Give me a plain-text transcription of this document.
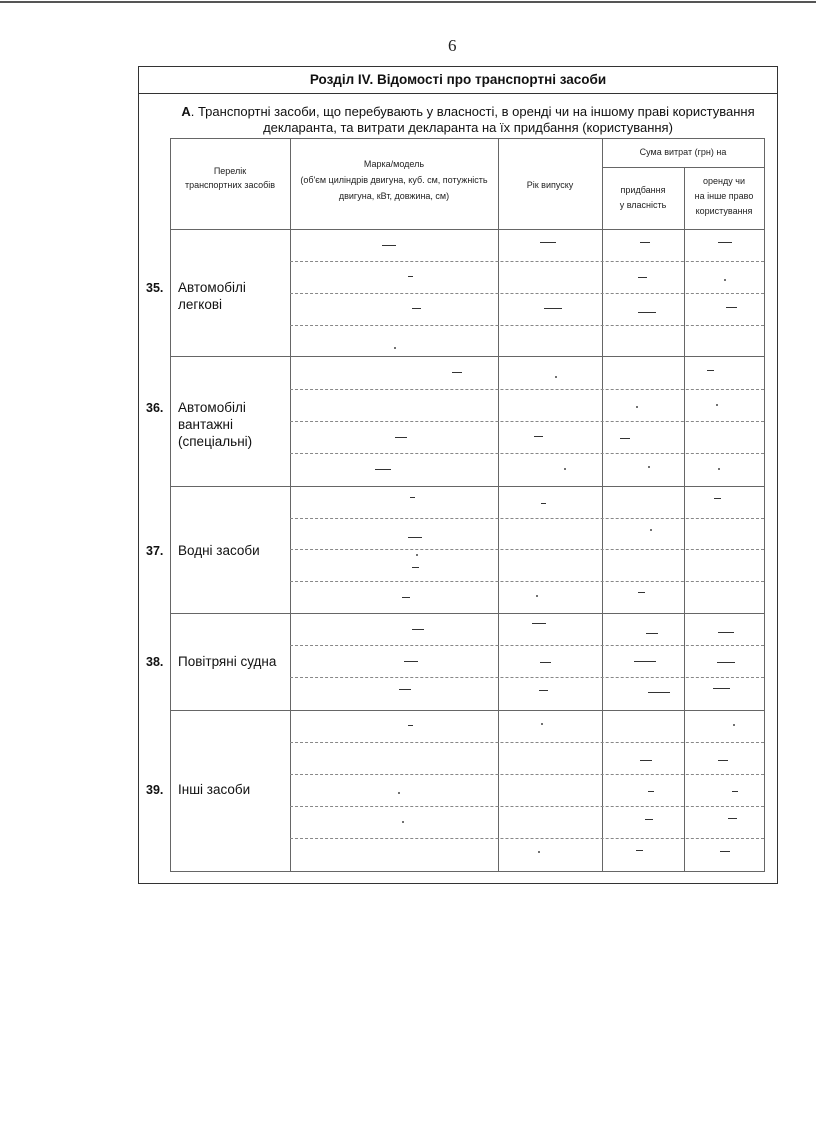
6
Розділ IV. Відомості про транспортні засоби
А. Транспортні засоби, що перебувають у власності, в оренді чи на іншому праві користування
декларанта, та витрати декларанта на їх придбання (користування)
Перелік
транспортних засобів
Марка/модель
(об'єм циліндрів двигуна, куб. см, потужність
двигуна, кВт, довжина, см)
Рік випуску
Сума витрат (грн) на
придбання
у власність
оренду чи
на інше право
користування
35. Автомобілі
легкові
36. Автомобілі
вантажні
(спеціальні)
37. Водні засоби
38. Повітряні судна
39. Інші засоби
